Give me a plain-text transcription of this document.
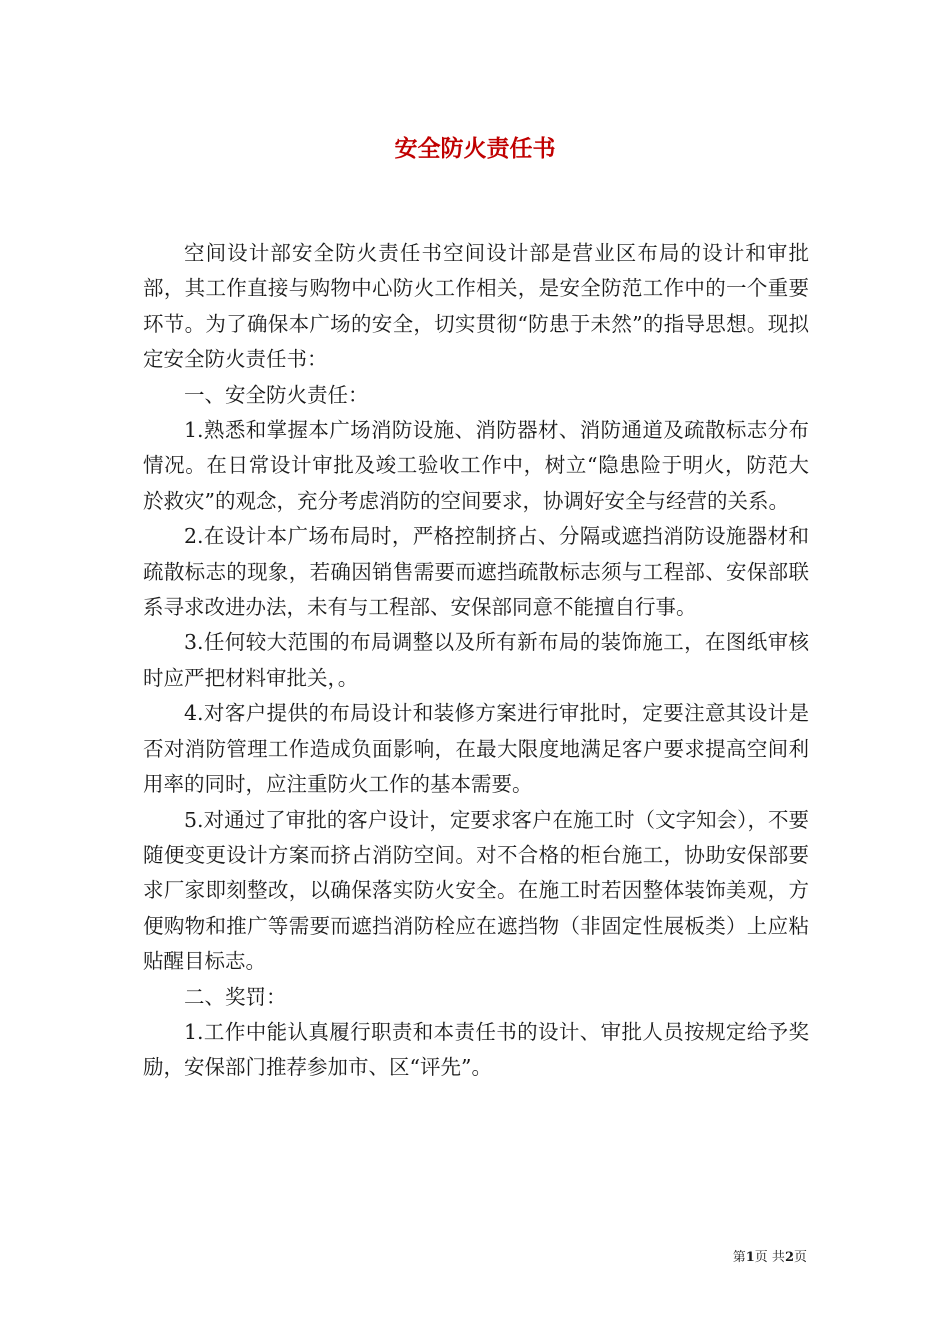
安全防火责任书

空间设计部安全防火责任书空间设计部是营业区布局的设计和审批部，其工作直接与购物中心防火工作相关，是安全防范工作中的一个重要环节。为了确保本广场的安全，切实贯彻“防患于未然”的指导思想。现拟定安全防火责任书：

一、安全防火责任：

1.熟悉和掌握本广场消防设施、消防器材、消防通道及疏散标志分布情况。在日常设计审批及竣工验收工作中，树立“隐患险于明火，防范大於救灾”的观念，充分考虑消防的空间要求，协调好安全与经营的关系。

2.在设计本广场布局时，严格控制挤占、分隔或遮挡消防设施器材和疏散标志的现象，若确因销售需要而遮挡疏散标志须与工程部、安保部联系寻求改进办法，未有与工程部、安保部同意不能擅自行事。

3.任何较大范围的布局调整以及所有新布局的装饰施工，在图纸审核时应严把材料审批关，。

4.对客户提供的布局设计和装修方案进行审批时，定要注意其设计是否对消防管理工作造成负面影响，在最大限度地满足客户要求提高空间利用率的同时，应注重防火工作的基本需要。

5.对通过了审批的客户设计，定要求客户在施工时（文字知会），不要随便变更设计方案而挤占消防空间。对不合格的柜台施工，协助安保部要求厂家即刻整改，以确保落实防火安全。在施工时若因整体装饰美观，方便购物和推广等需要而遮挡消防栓应在遮挡物（非固定性展板类）上应粘贴醒目标志。

二、奖罚：

1.工作中能认真履行职责和本责任书的设计、审批人员按规定给予奖励，安保部门推荐参加市、区“评先”。

第1页 共2页
